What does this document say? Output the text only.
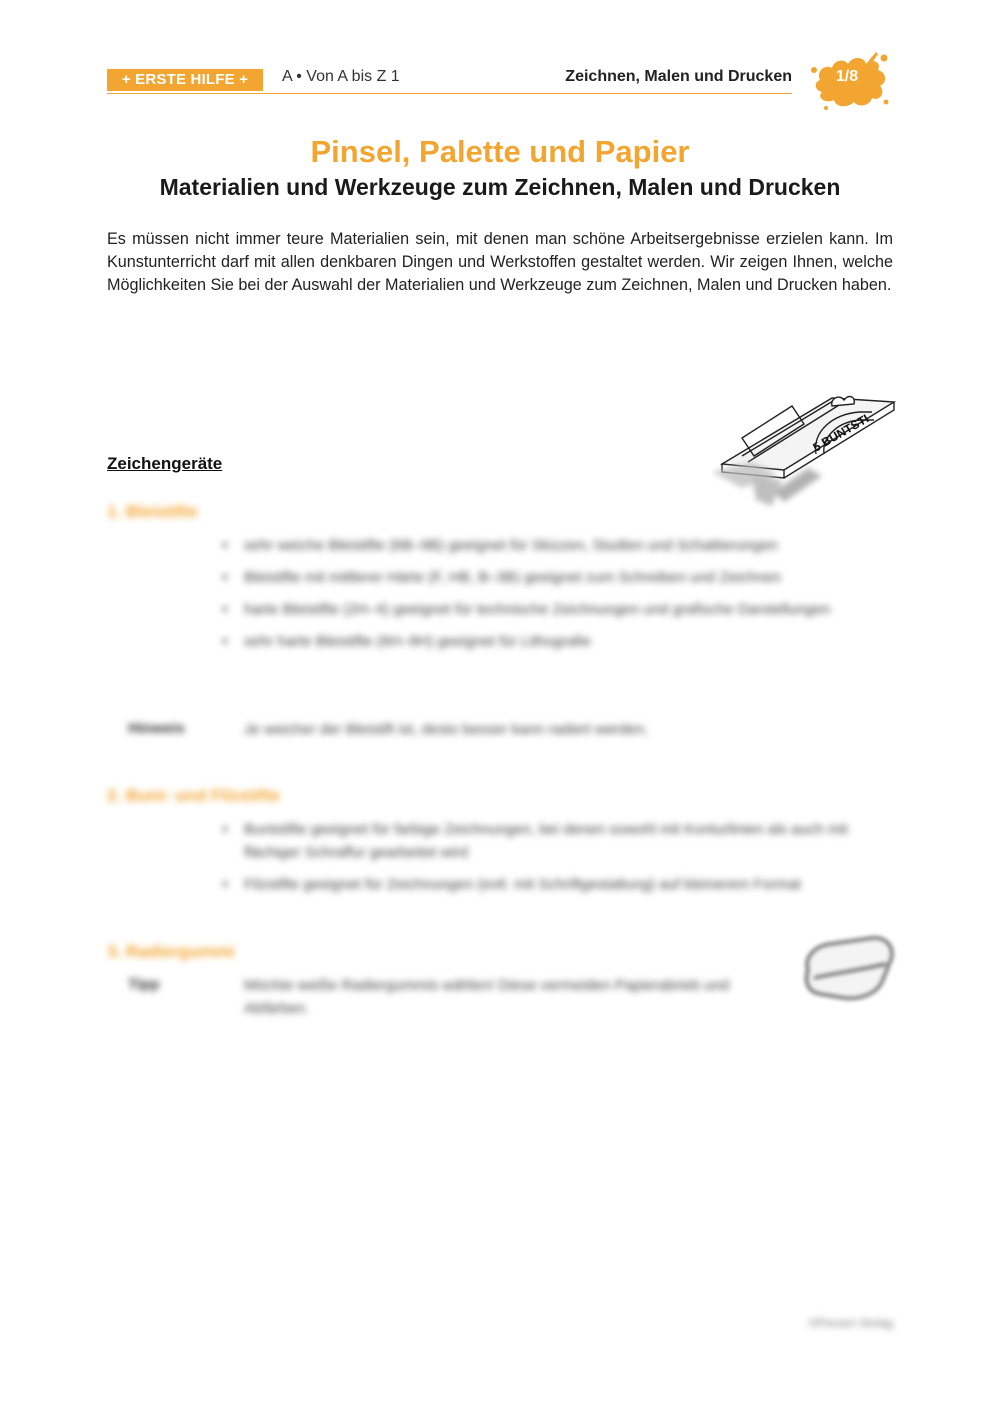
+ ERSTE HILFE +	A • Von A bis Z 1	Zeichnen, Malen und Drucken	1/8
Pinsel, Palette und Papier
Materialien und Werkzeuge zum Zeichnen, Malen und Drucken
Es müssen nicht immer teure Materialien sein, mit denen man schöne Arbeitsergebnisse erzielen kann. Im Kunstunterricht darf mit allen denkbaren Dingen und Werkstoffen gestaltet werden. Wir zeigen Ihnen, welche Möglichkeiten Sie bei der Auswahl der Materialien und Werkzeuge zum Zeichnen, Malen und Drucken haben.
5 BUNTSTI
Zeichengeräte
1. Bleistifte
■ sehr weiche Bleistifte (6B–9B) geeignet für Skizzen, Studien und Schattierungen
■ Bleistifte mit mittlerer Härte (F, HB, B–3B) geeignet zum Schreiben und Zeichnen
■ harte Bleistifte (2H–4) geeignet für technische Zeichnungen und grafische Darstellungen
■ sehr harte Bleistifte (6H–9H) geeignet für Lithografie
Hinweis	Je weicher der Bleistift ist, desto besser kann radiert werden.
2. Bunt- und Filzstifte
■ Buntstifte geeignet für farbige Zeichnungen, bei denen sowohl mit Konturlinien als auch mit flächiger Schraffur gearbeitet wird
■ Filzstifte geeignet für Zeichnungen (evtl. mit Schriftgestaltung) auf kleinerem Format
3. Radiergummi
Tipp	Möchte weiße Radiergummis wählen! Diese vermeiden Papierabrieb und Abfärben.
©Persen Verlag
